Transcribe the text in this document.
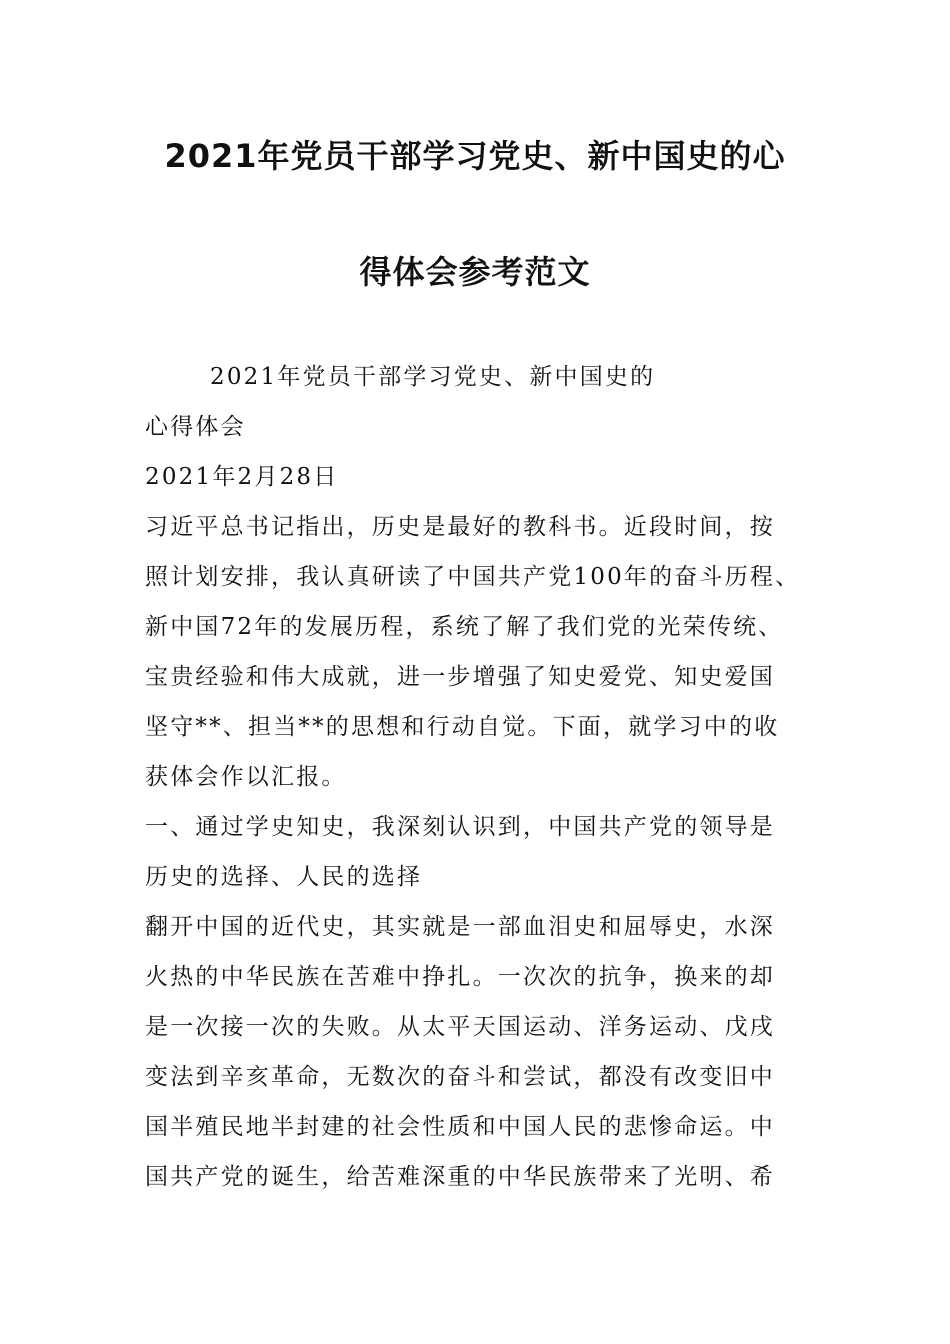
2021年党员干部学习党史、新中国史的心
得体会参考范文

2021年党员干部学习党史、新中国史的

心得体会

2021年2月28日

习近平总书记指出，历史是最好的教科书。近段时间，按

照计划安排，我认真研读了中国共产党100年的奋斗历程、

新中国72年的发展历程，系统了解了我们党的光荣传统、

宝贵经验和伟大成就，进一步增强了知史爱党、知史爱国

坚守**、担当**的思想和行动自觉。下面，就学习中的收

获体会作以汇报。

一、通过学史知史，我深刻认识到，中国共产党的领导是

历史的选择、人民的选择

翻开中国的近代史，其实就是一部血泪史和屈辱史，水深

火热的中华民族在苦难中挣扎。一次次的抗争，换来的却

是一次接一次的失败。从太平天国运动、洋务运动、戊戌

变法到辛亥革命，无数次的奋斗和尝试，都没有改变旧中

国半殖民地半封建的社会性质和中国人民的悲惨命运。中

国共产党的诞生，给苦难深重的中华民族带来了光明、希
